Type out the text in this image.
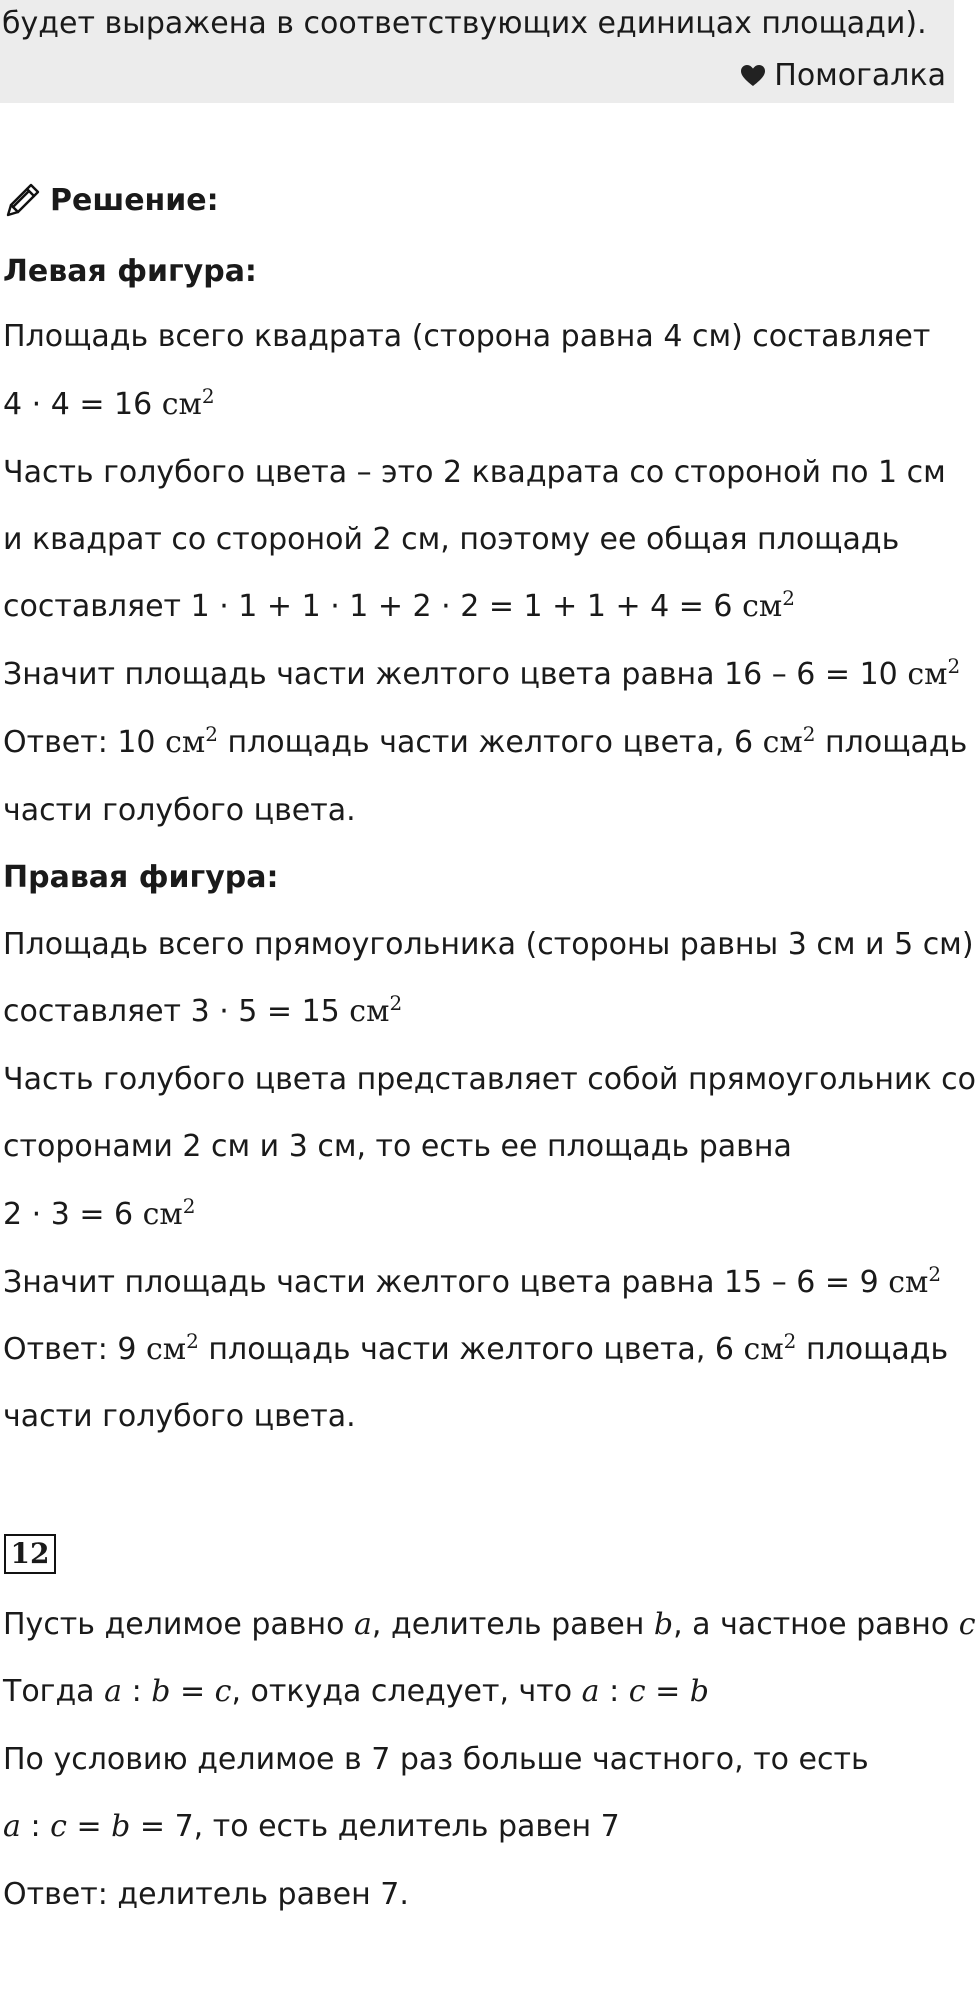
будет выражена в соответствующих единицах площади).
Помогалка
Решение:
Левая фигура:
Площадь всего квадрата (сторона равна 4 см) составляет
4 · 4 = 16 $см^2$
Часть голубого цвета – это 2 квадрата со стороной по 1 см
и квадрат со стороной 2 см, поэтому ее общая площадь
составляет 1 · 1 + 1 · 1 + 2 · 2 = 1 + 1 + 4 = 6 $см^2$
Значит площадь части желтого цвета равна 16 – 6 = 10 $см^2$
Ответ: 10 $см^2$ площадь части желтого цвета, 6 $см^2$ площадь
части голубого цвета.
Правая фигура:
Площадь всего прямоугольника (стороны равны 3 см и 5 см)
составляет 3 · 5 = 15 $см^2$
Часть голубого цвета представляет собой прямоугольник со
сторонами 2 см и 3 см, то есть ее площадь равна
2 · 3 = 6 $см^2$
Значит площадь части желтого цвета равна 15 – 6 = 9 $см^2$
Ответ: 9 $см^2$ площадь части желтого цвета, 6 $см^2$ площадь
части голубого цвета.
12
Пусть делимое равно a, делитель равен b, а частное равно c
Тогда a : b = c, откуда следует, что a : c = b
По условию делимое в 7 раз больше частного, то есть
a : c = b = 7, то есть делитель равен 7
Ответ: делитель равен 7.
